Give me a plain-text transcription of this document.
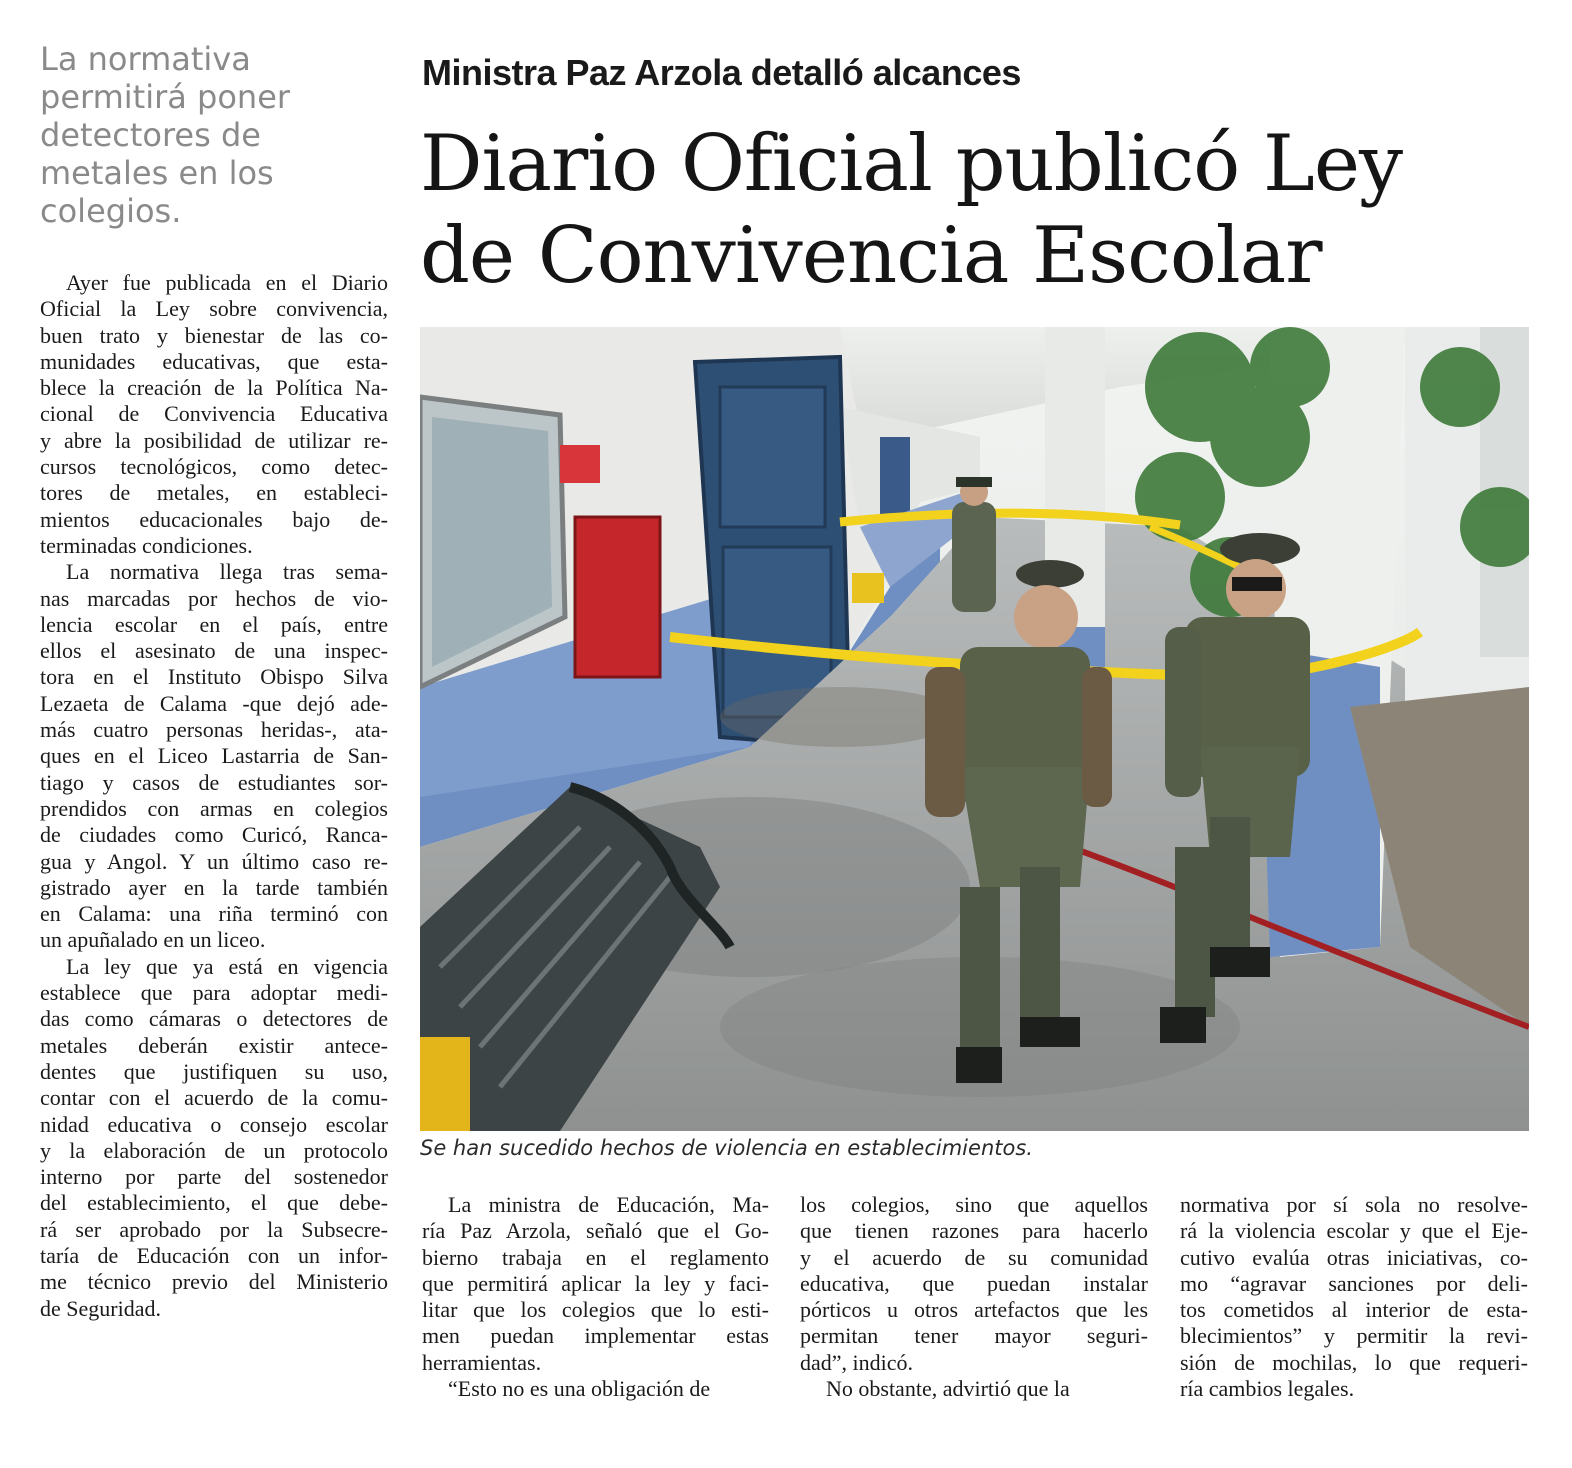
La normativa
permitirá poner
detectores de
metales en los
colegios.
Ministra Paz Arzola detalló alcances
Diario Oficial publicó Ley
de Convivencia Escolar

Ayer fue publicada en el Diario
Oficial la Ley sobre convivencia,
buen trato y bienestar de las co-
munidades educativas, que esta-
blece la creación de la Política Na-
cional de Convivencia Educativa
y abre la posibilidad de utilizar re-
cursos tecnológicos, como detec-
tores de metales, en estableci-
mientos educacionales bajo de-
terminadas condiciones.

La normativa llega tras sema-
nas marcadas por hechos de vio-
lencia escolar en el país, entre
ellos el asesinato de una inspec-
tora en el Instituto Obispo Silva
Lezaeta de Calama -que dejó ade-
más cuatro personas heridas-, ata-
ques en el Liceo Lastarria de San-
tiago y casos de estudiantes sor-
prendidos con armas en colegios
de ciudades como Curicó, Ranca-
gua y Angol. Y un último caso re-
gistrado ayer en la tarde también
en Calama: una riña terminó con
un apuñalado en un liceo.

La ley que ya está en vigencia
establece que para adoptar medi-
das como cámaras o detectores de
metales deberán existir antece-
dentes que justifiquen su uso,
contar con el acuerdo de la comu-
nidad educativa o consejo escolar
y la elaboración de un protocolo
interno por parte del sostenedor
del establecimiento, el que debe-
rá ser aprobado por la Subsecre-
taría de Educación con un infor-
me técnico previo del Ministerio
de Seguridad.

Se han sucedido hechos de violencia en establecimientos.

La ministra de Educación, Ma-
ría Paz Arzola, señaló que el Go-
bierno trabaja en el reglamento
que permitirá aplicar la ley y faci-
litar que los colegios que lo esti-
men puedan implementar estas
herramientas.

“Esto no es una obligación de

los colegios, sino que aquellos
que tienen razones para hacerlo
y el acuerdo de su comunidad
educativa, que puedan instalar
pórticos u otros artefactos que les
permitan tener mayor seguri-
dad”, indicó.

No obstante, advirtió que la

normativa por sí sola no resolve-
rá la violencia escolar y que el Eje-
cutivo evalúa otras iniciativas, co-
mo “agravar sanciones por deli-
tos cometidos al interior de esta-
blecimientos” y permitir la revi-
sión de mochilas, lo que requeri-
ría cambios legales.
